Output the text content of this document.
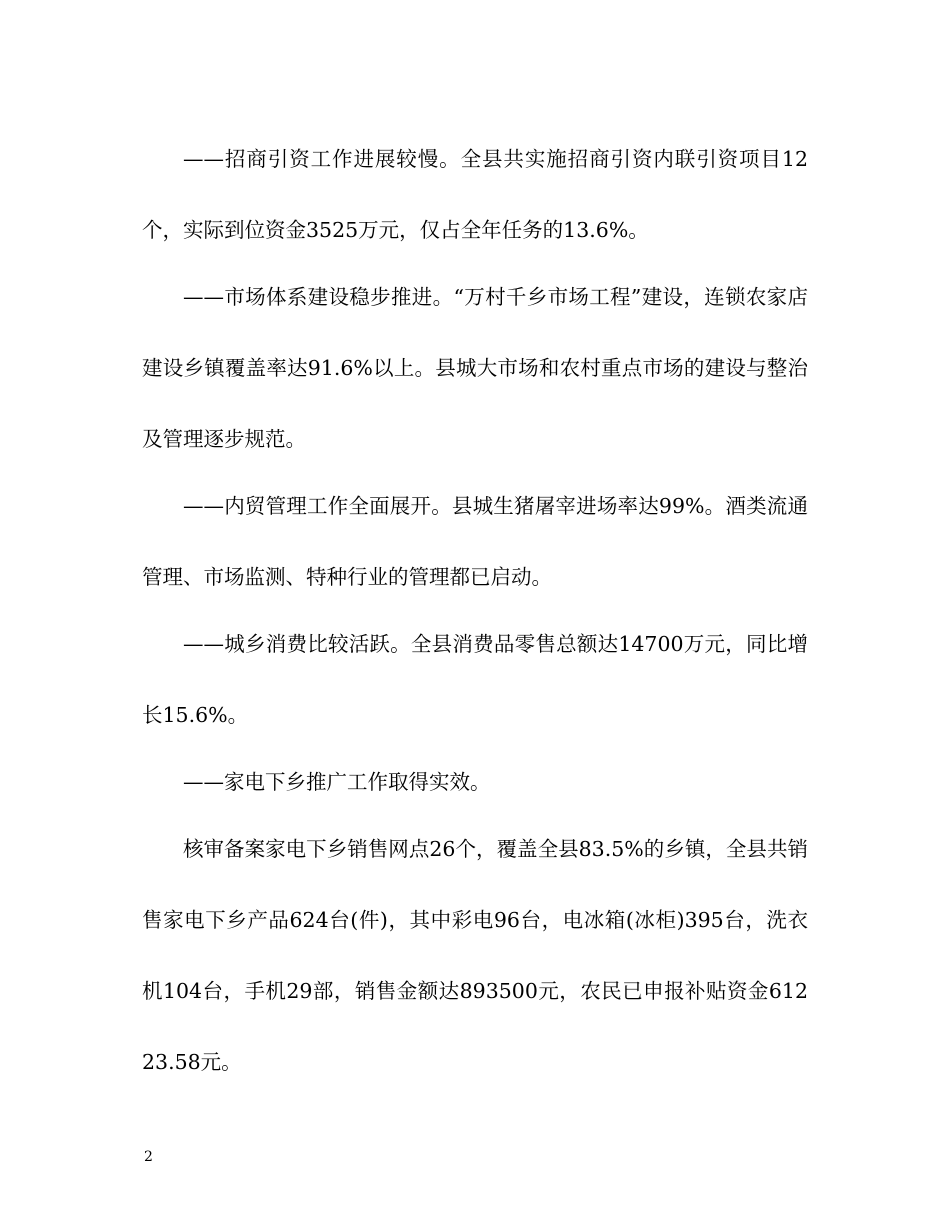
——招商引资工作进展较慢。全县共实施招商引资内联引资项目12个，实际到位资金3525万元，仅占全年任务的13.6%。

——市场体系建设稳步推进。“万村千乡市场工程”建设，连锁农家店建设乡镇覆盖率达91.6%以上。县城大市场和农村重点市场的建设与整治及管理逐步规范。

——内贸管理工作全面展开。县城生猪屠宰进场率达99%。酒类流通管理、市场监测、特种行业的管理都已启动。

——城乡消费比较活跃。全县消费品零售总额达14700万元，同比增长15.6%。

——家电下乡推广工作取得实效。

核审备案家电下乡销售网点26个，覆盖全县83.5%的乡镇，全县共销售家电下乡产品624台(件)，其中彩电96台，电冰箱(冰柜)395台，洗衣机104台，手机29部，销售金额达893500元，农民已申报补贴资金61223.58元。

2
